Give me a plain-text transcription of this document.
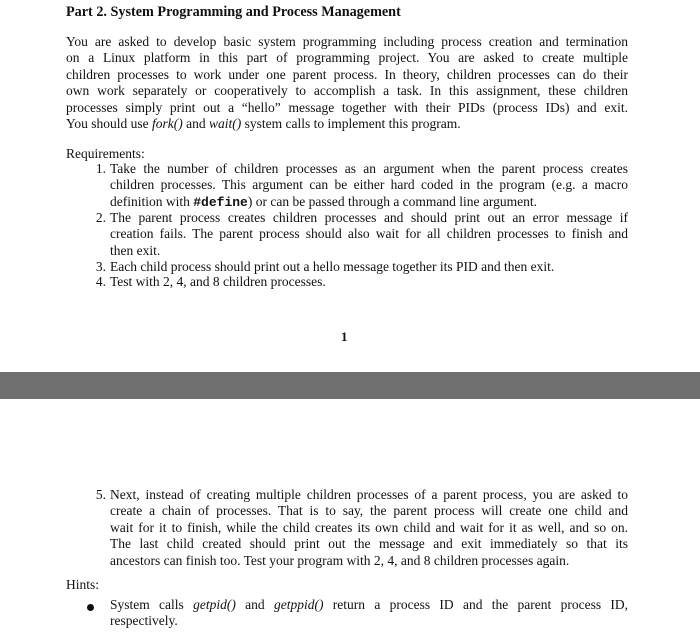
Part 2. System Programming and Process Management

You are asked to develop basic system programming including process creation and termination
on a Linux platform in this part of programming project. You are asked to create multiple
children processes to work under one parent process. In theory, children processes can do their
own work separately or cooperatively to accomplish a task. In this assignment, these children
processes simply print out a “hello” message together with their PIDs (process IDs) and exit.
You should use fork() and wait() system calls to implement this program.

Requirements:

1. Take the number of children processes as an argument when the parent process creates
children processes. This argument can be either hard coded in the program (e.g. a macro
definition with #define) or can be passed through a command line argument.

2. The parent process creates children processes and should print out an error message if
creation fails. The parent process should also wait for all children processes to finish and
then exit.

3. Each child process should print out a hello message together its PID and then exit.

4. Test with 2, 4, and 8 children processes.

1
5. Next, instead of creating multiple children processes of a parent process, you are asked to
create a chain of processes. That is to say, the parent process will create one child and
wait for it to finish, while the child creates its own child and wait for it as well, and so on.
The last child created should print out the message and exit immediately so that its
ancestors can finish too. Test your program with 2, 4, and 8 children processes again.

Hints:

System calls getpid() and getppid() return a process ID and the parent process ID,
respectively.
